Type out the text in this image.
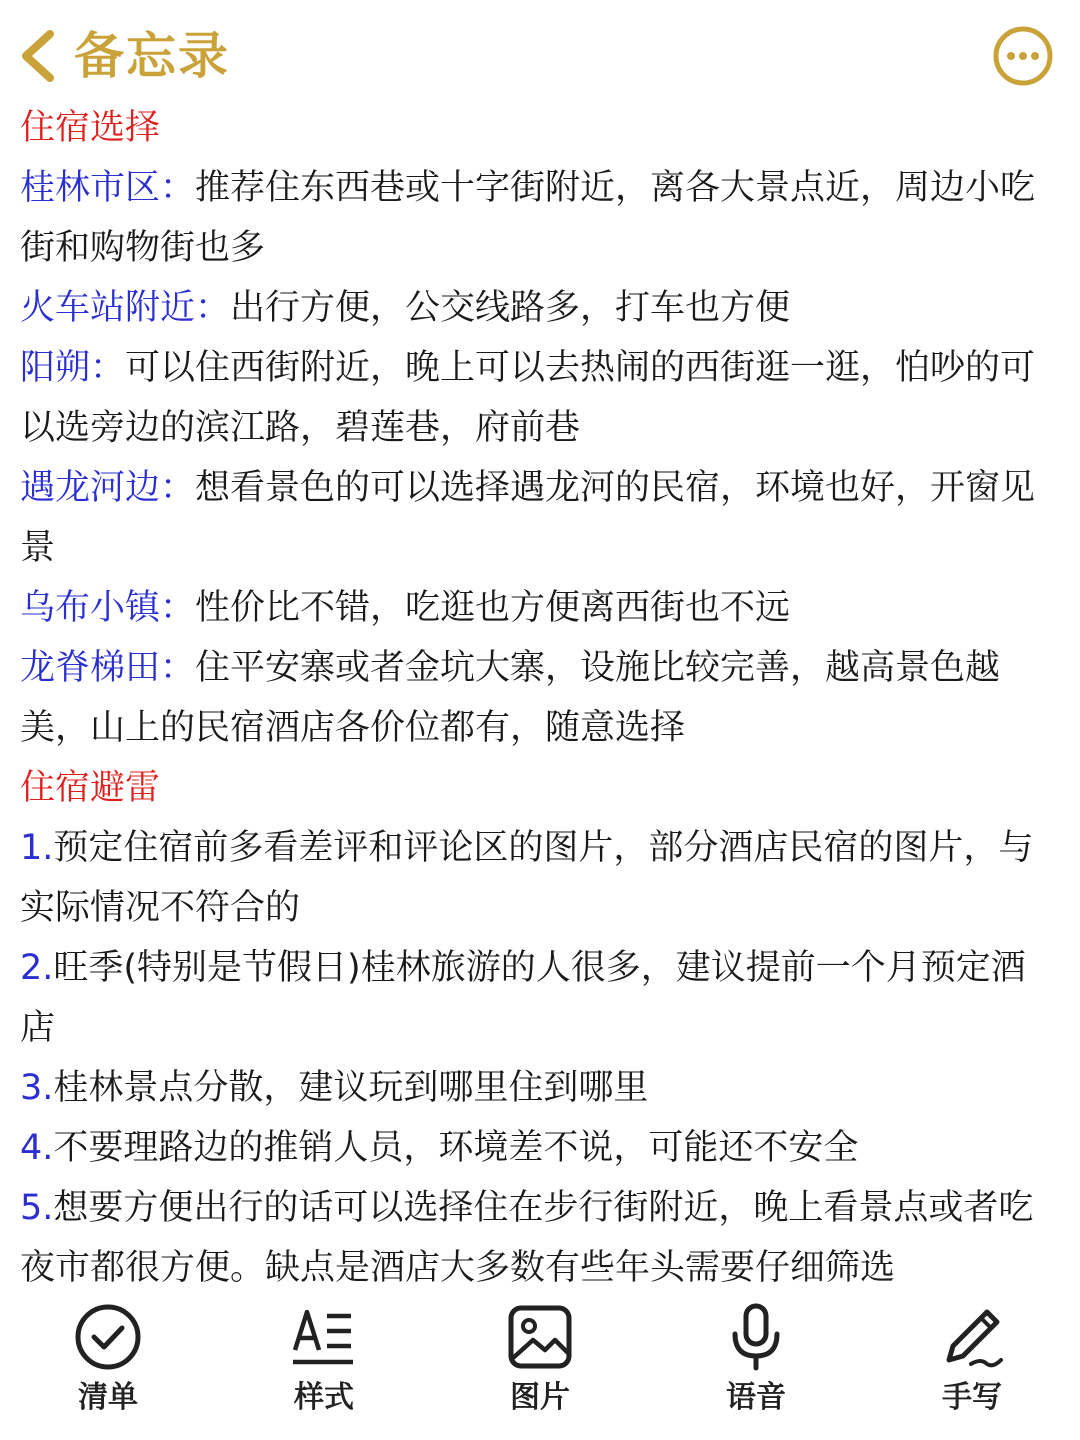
备忘录

住宿选择

桂林市区：推荐住东西巷或十字街附近，离各大景点近，周边小吃街和购物街也多

火车站附近：出行方便，公交线路多，打车也方便

阳朔：可以住西街附近，晚上可以去热闹的西街逛一逛，怕吵的可以选旁边的滨江路，碧莲巷，府前巷

遇龙河边：想看景色的可以选择遇龙河的民宿，环境也好，开窗见景

乌布小镇：性价比不错，吃逛也方便离西街也不远

龙脊梯田：住平安寨或者金坑大寨，设施比较完善，越高景色越美，山上的民宿酒店各价位都有，随意选择

住宿避雷

1.预定住宿前多看差评和评论区的图片，部分酒店民宿的图片，与实际情况不符合的

2.旺季(特别是节假日)桂林旅游的人很多，建议提前一个月预定酒店

3.桂林景点分散，建议玩到哪里住到哪里

4.不要理路边的推销人员，环境差不说，可能还不安全

5.想要方便出行的话可以选择住在步行街附近，晚上看景点或者吃夜市都很方便。缺点是酒店大多数有些年头需要仔细筛选

清单	样式	图片	语音	手写
